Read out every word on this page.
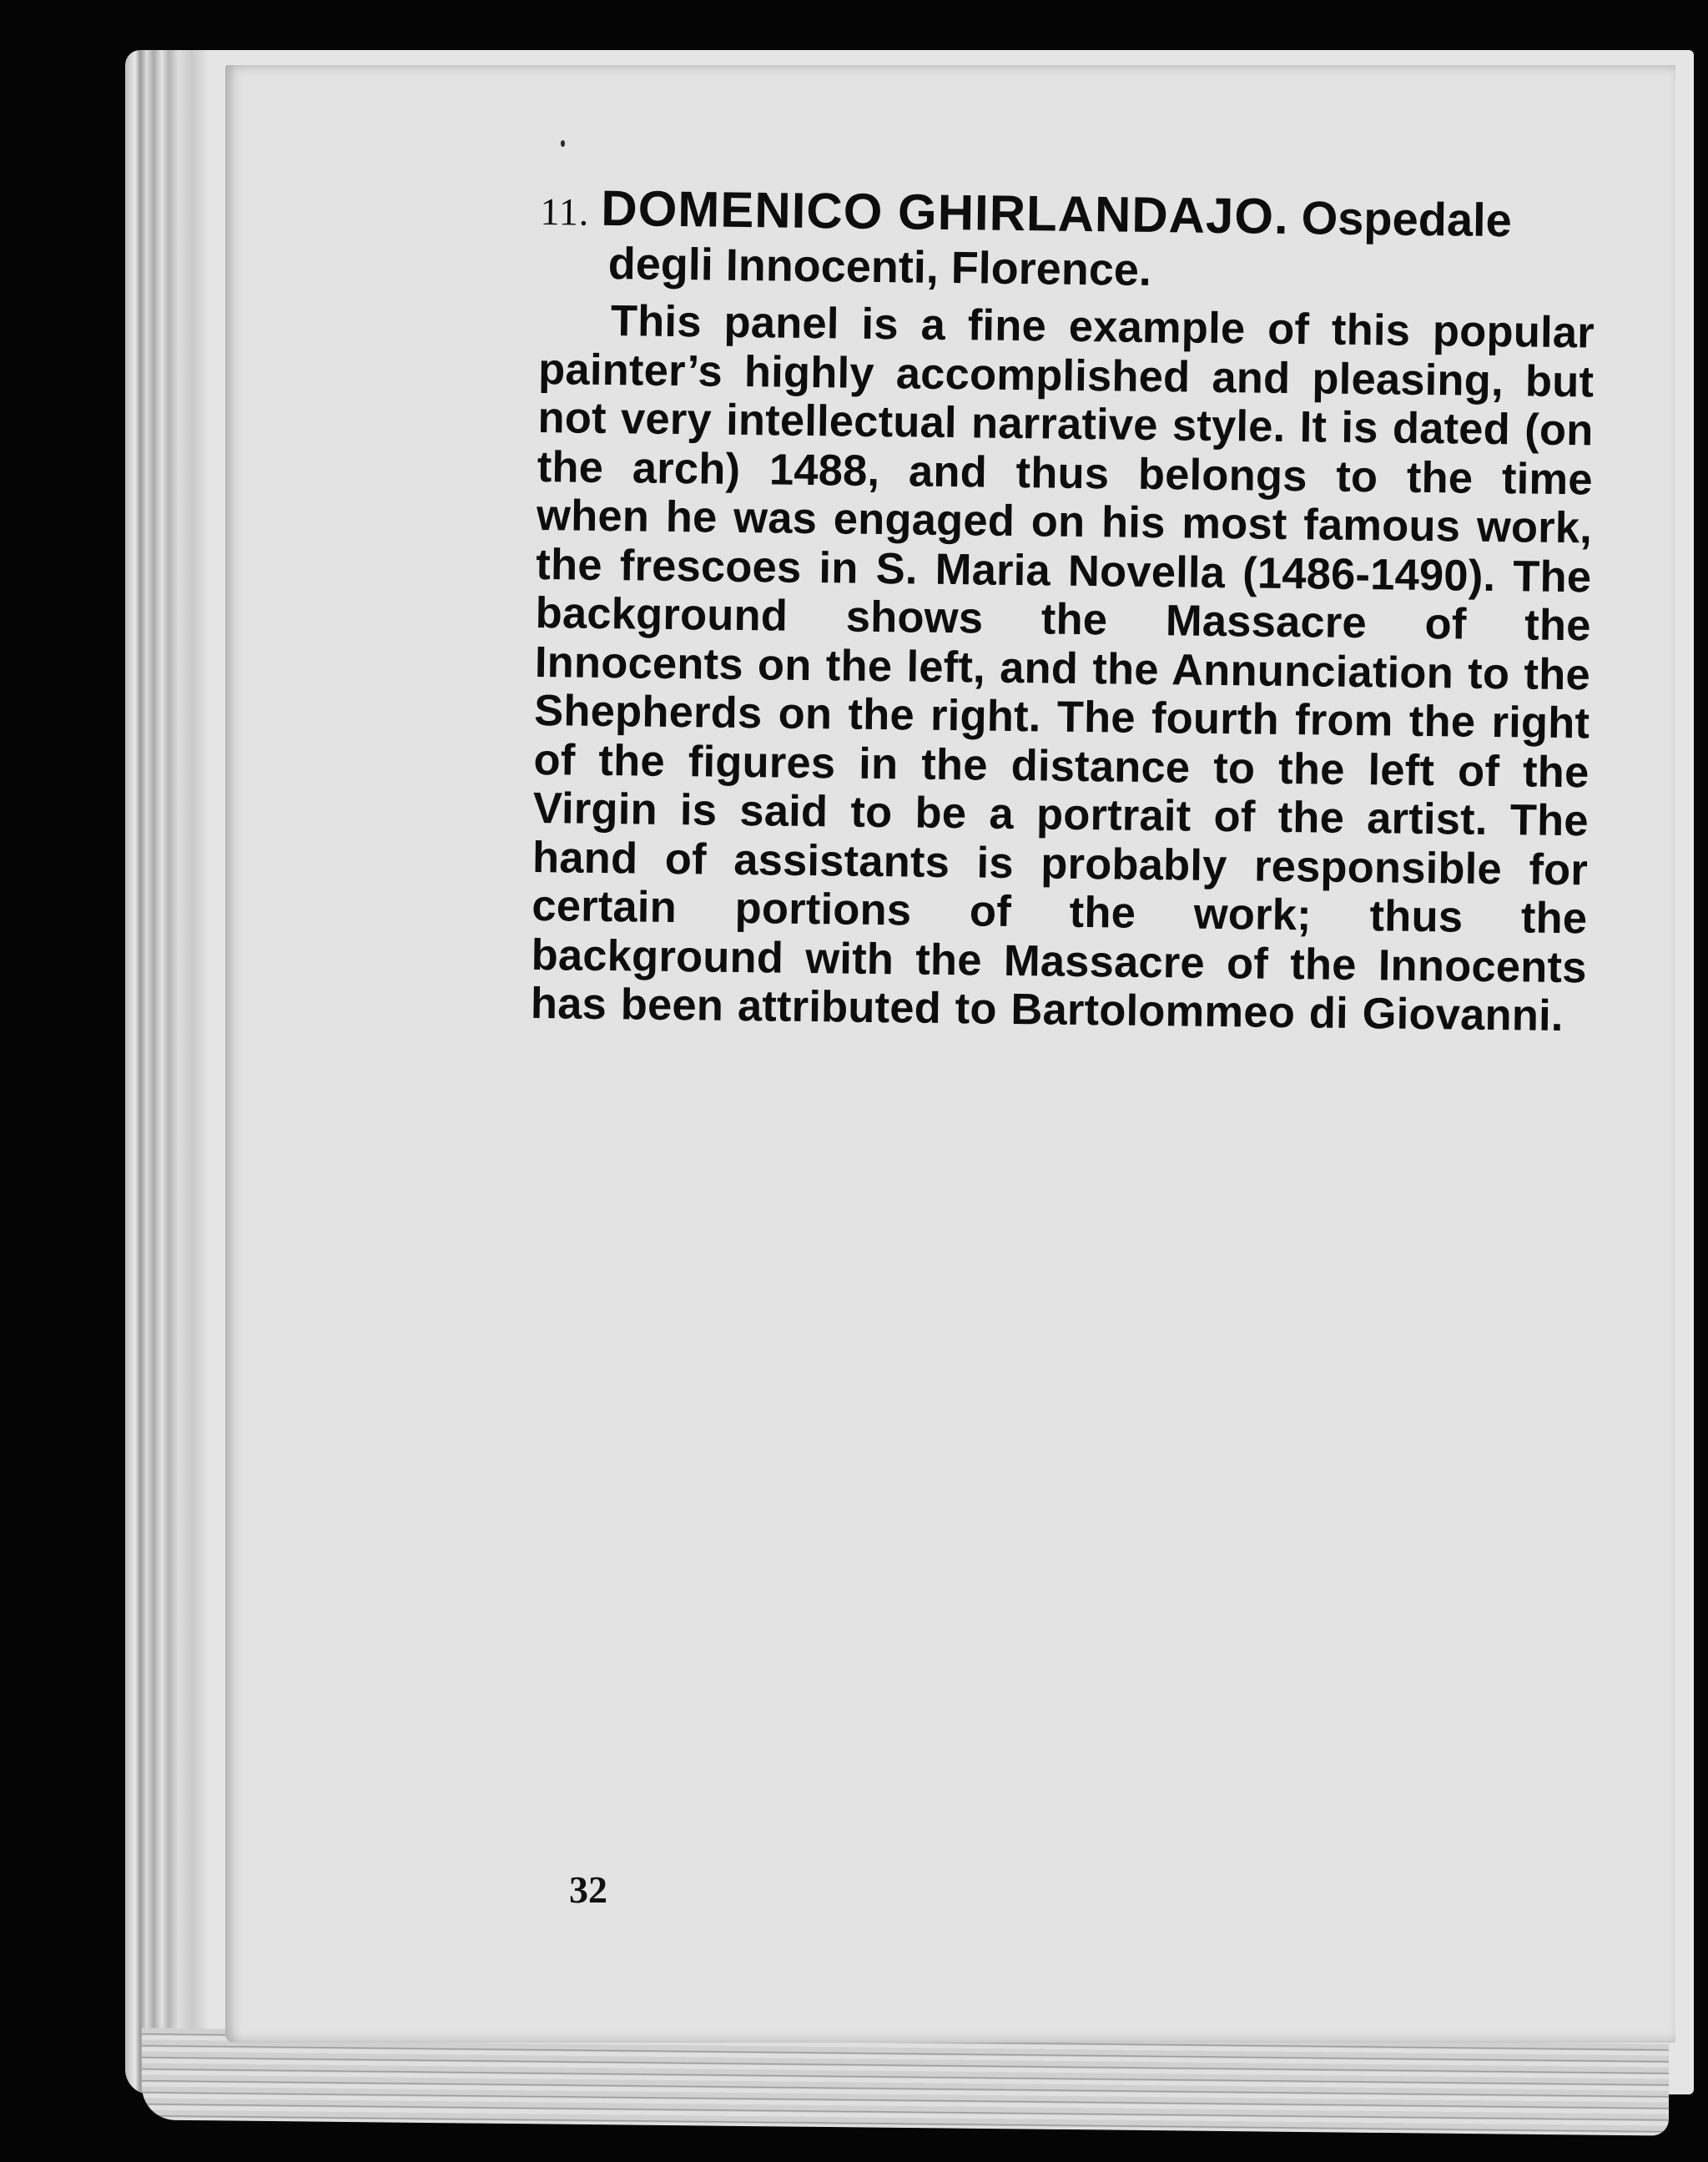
11. DOMENICO GHIRLANDAJO. Ospedale
degli Innocenti, Florence.

This panel is a fine example of this popular painter’s highly accomplished and pleasing, but not very intellectual narrative style. It is dated (on the arch) 1488, and thus belongs to the time when he was engaged on his most famous work, the frescoes in S. Maria Novella (1486-1490). The background shows the Massacre of the Innocents on the left, and the Annunciation to the Shepherds on the right. The fourth from the right of the figures in the distance to the left of the Virgin is said to be a portrait of the artist. The hand of assistants is probably responsible for certain portions of the work; thus the background with the Massacre of the Innocents has been attributed to Bartolommeo di Giovanni.

32
